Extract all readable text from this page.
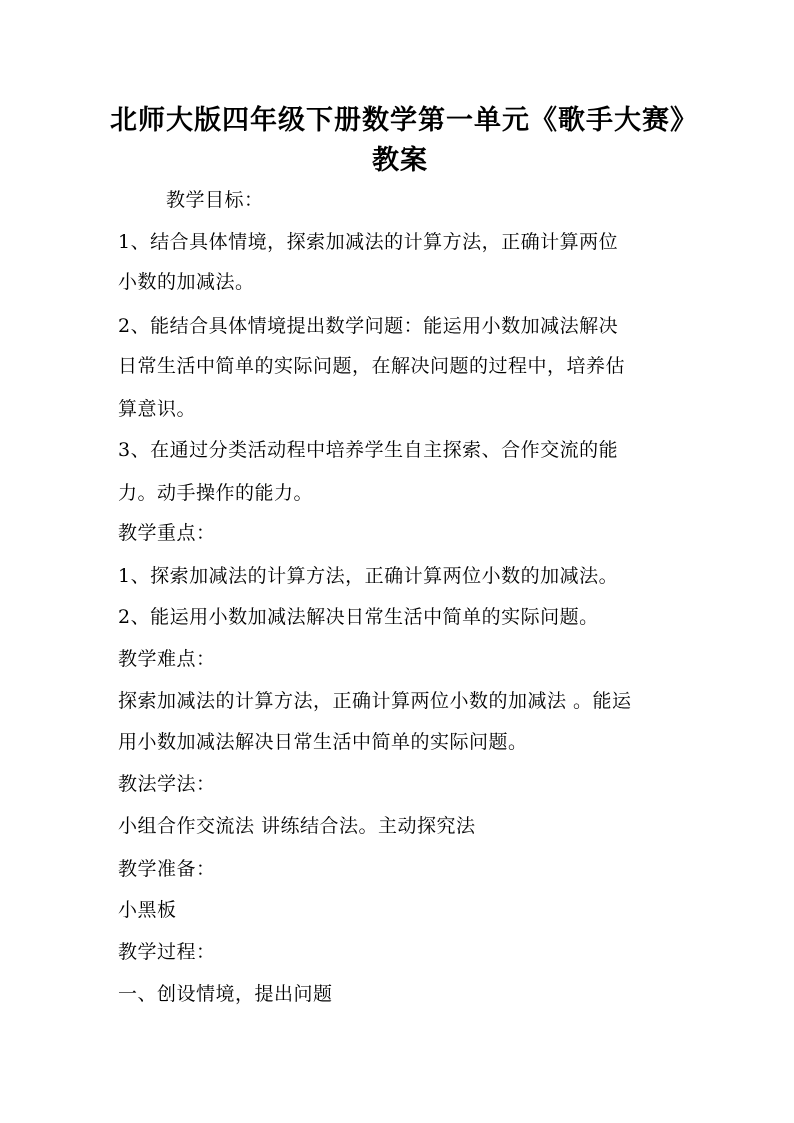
北师大版四年级下册数学第一单元《歌手大赛》
教案
教学目标：
1、结合具体情境，探索加减法的计算方法，正确计算两位
小数的加减法。
2、能结合具体情境提出数学问题：能运用小数加减法解决
日常生活中简单的实际问题，在解决问题的过程中，培养估
算意识。
3、在通过分类活动程中培养学生自主探索、合作交流的能
力。动手操作的能力。
教学重点：
1、探索加减法的计算方法，正确计算两位小数的加减法。
2、能运用小数加减法解决日常生活中简单的实际问题。
教学难点：
探索加减法的计算方法，正确计算两位小数的加减法 。能运
用小数加减法解决日常生活中简单的实际问题。
教法学法：
小组合作交流法 讲练结合法。主动探究法
教学准备：
小黑板
教学过程：
一、创设情境，提出问题
